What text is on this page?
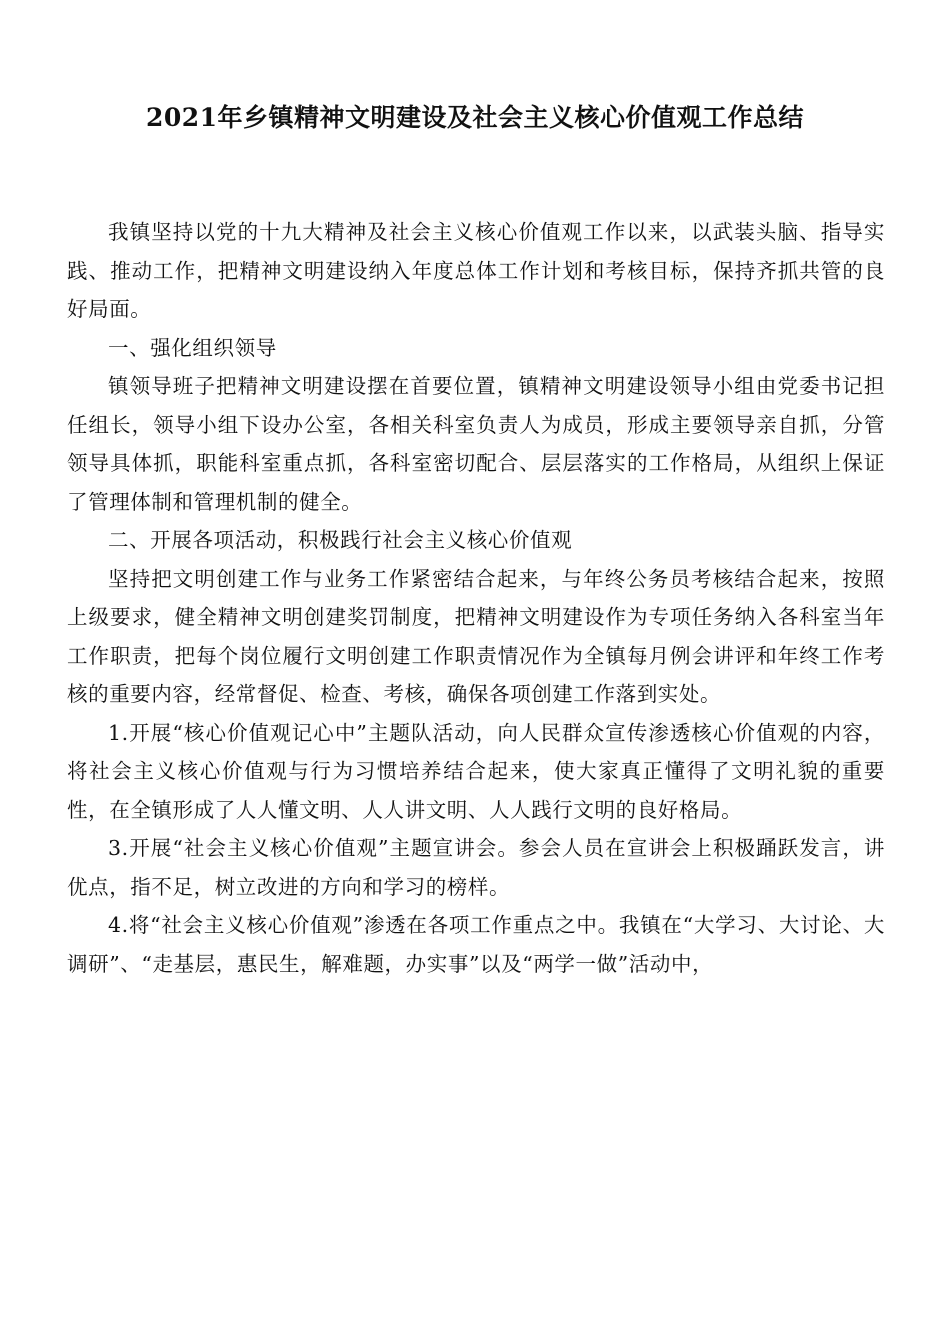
2021年乡镇精神文明建设及社会主义核心价值观工作总结

我镇坚持以党的十九大精神及社会主义核心价值观工作以来，以武装头脑、指导实践、推动工作，把精神文明建设纳入年度总体工作计划和考核目标，保持齐抓共管的良好局面。

一、强化组织领导

镇领导班子把精神文明建设摆在首要位置，镇精神文明建设领导小组由党委书记担任组长，领导小组下设办公室，各相关科室负责人为成员，形成主要领导亲自抓，分管领导具体抓，职能科室重点抓，各科室密切配合、层层落实的工作格局，从组织上保证了管理体制和管理机制的健全。

二、开展各项活动，积极践行社会主义核心价值观

坚持把文明创建工作与业务工作紧密结合起来，与年终公务员考核结合起来，按照上级要求，健全精神文明创建奖罚制度，把精神文明建设作为专项任务纳入各科室当年工作职责，把每个岗位履行文明创建工作职责情况作为全镇每月例会讲评和年终工作考核的重要内容，经常督促、检查、考核，确保各项创建工作落到实处。

1.开展“核心价值观记心中”主题队活动，向人民群众宣传渗透核心价值观的内容，将社会主义核心价值观与行为习惯培养结合起来，使大家真正懂得了文明礼貌的重要性，在全镇形成了人人懂文明、人人讲文明、人人践行文明的良好格局。

3.开展“社会主义核心价值观”主题宣讲会。参会人员在宣讲会上积极踊跃发言，讲优点，指不足，树立改进的方向和学习的榜样。

4.将“社会主义核心价值观”渗透在各项工作重点之中。我镇在“大学习、大讨论、大调研”、“走基层，惠民生，解难题，办实事”以及“两学一做”活动中，
